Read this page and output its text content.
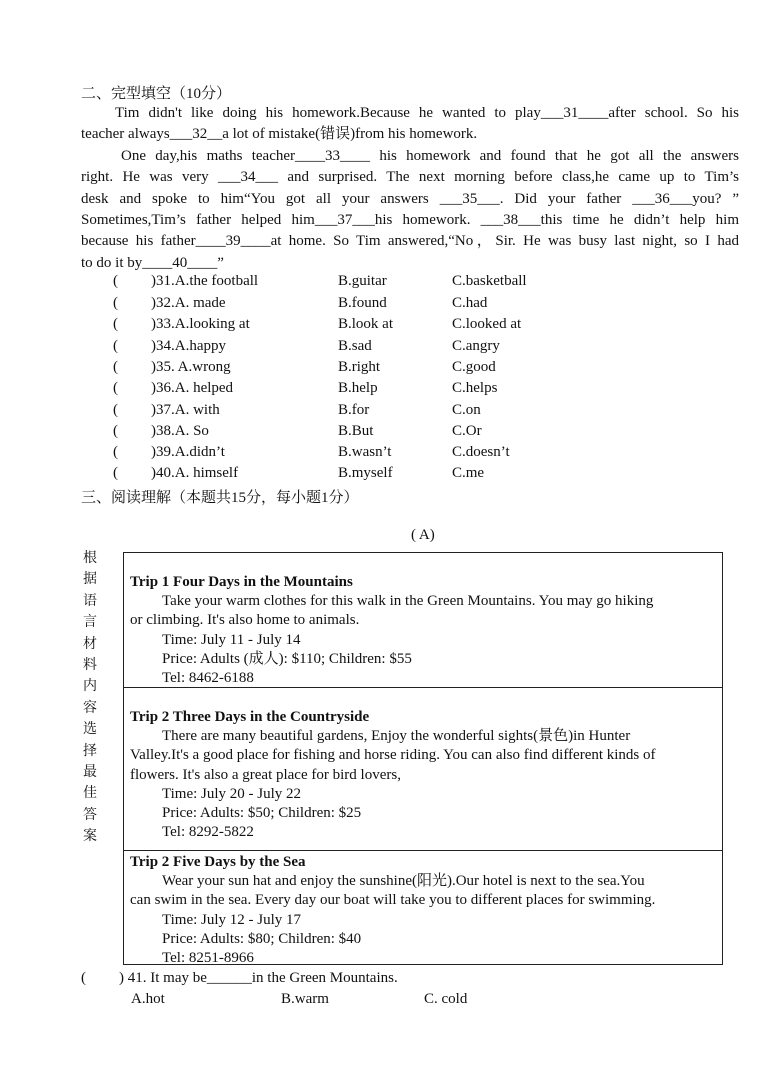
二、完型填空（10分）
Tim didn't like doing his homework.Because he wanted to play___31____after school. So his
teacher always___32__a lot of mistake(错误)from his homework.
One day,his maths teacher____33____ his homework and found that he got all the answers
right. He was very ___34___ and surprised. The next morning before class,he came up to Tim’s
desk and spoke to him“You got all your answers ___35___. Did your father ___36___you? ”
Sometimes,Tim’s father helped him___37___his homework. ___38___this time he didn’t help him
because his father____39____at home. So Tim answered,“No，Sir. He was busy last night, so I had
to do it by____40____”
( )31.A.the football	B.guitar	C.basketball
( )32.A. made	B.found	C.had
( )33.A.looking at	B.look at	C.looked at
( )34.A.happy	B.sad	C.angry
( )35. A.wrong	B.right	C.good
( )36.A. helped	B.help	C.helps
( )37.A. with	B.for	C.on
( )38.A. So	B.But	C.Or
( )39.A.didn’t	B.wasn’t	C.doesn’t
( )40.A. himself	B.myself	C.me
三、阅读理解（本题共15分，每小题1分）
( A)
根
据
语
言
材
料
内
容
选
择
最
佳
答
案
Trip 1 Four Days in the Mountains
Take your warm clothes for this walk in the Green Mountains. You may go hiking
or climbing. It's also home to animals.
Time: July 11 - July 14
Price: Adults (成人): $110; Children: $55
Tel: 8462-6188
Trip 2 Three Days in the Countryside
There are many beautiful gardens, Enjoy the wonderful sights(景色)in Hunter
Valley.It's a good place for fishing and horse riding. You can also find different kinds of
flowers. It's also a great place for bird lovers,
Time: July 20 - July 22
Price: Adults: $50; Children: $25
Tel: 8292-5822
Trip 2 Five Days by the Sea
Wear your sun hat and enjoy the sunshine(阳光).Our hotel is next to the sea.You
can swim in the sea. Every day our boat will take you to different places for swimming.
Time: July 12 - July 17
Price: Adults: $80; Children: $40
Tel: 8251-8966
( ) 41. It may be______in the Green Mountains.
A.hot	B.warm	C. cold
